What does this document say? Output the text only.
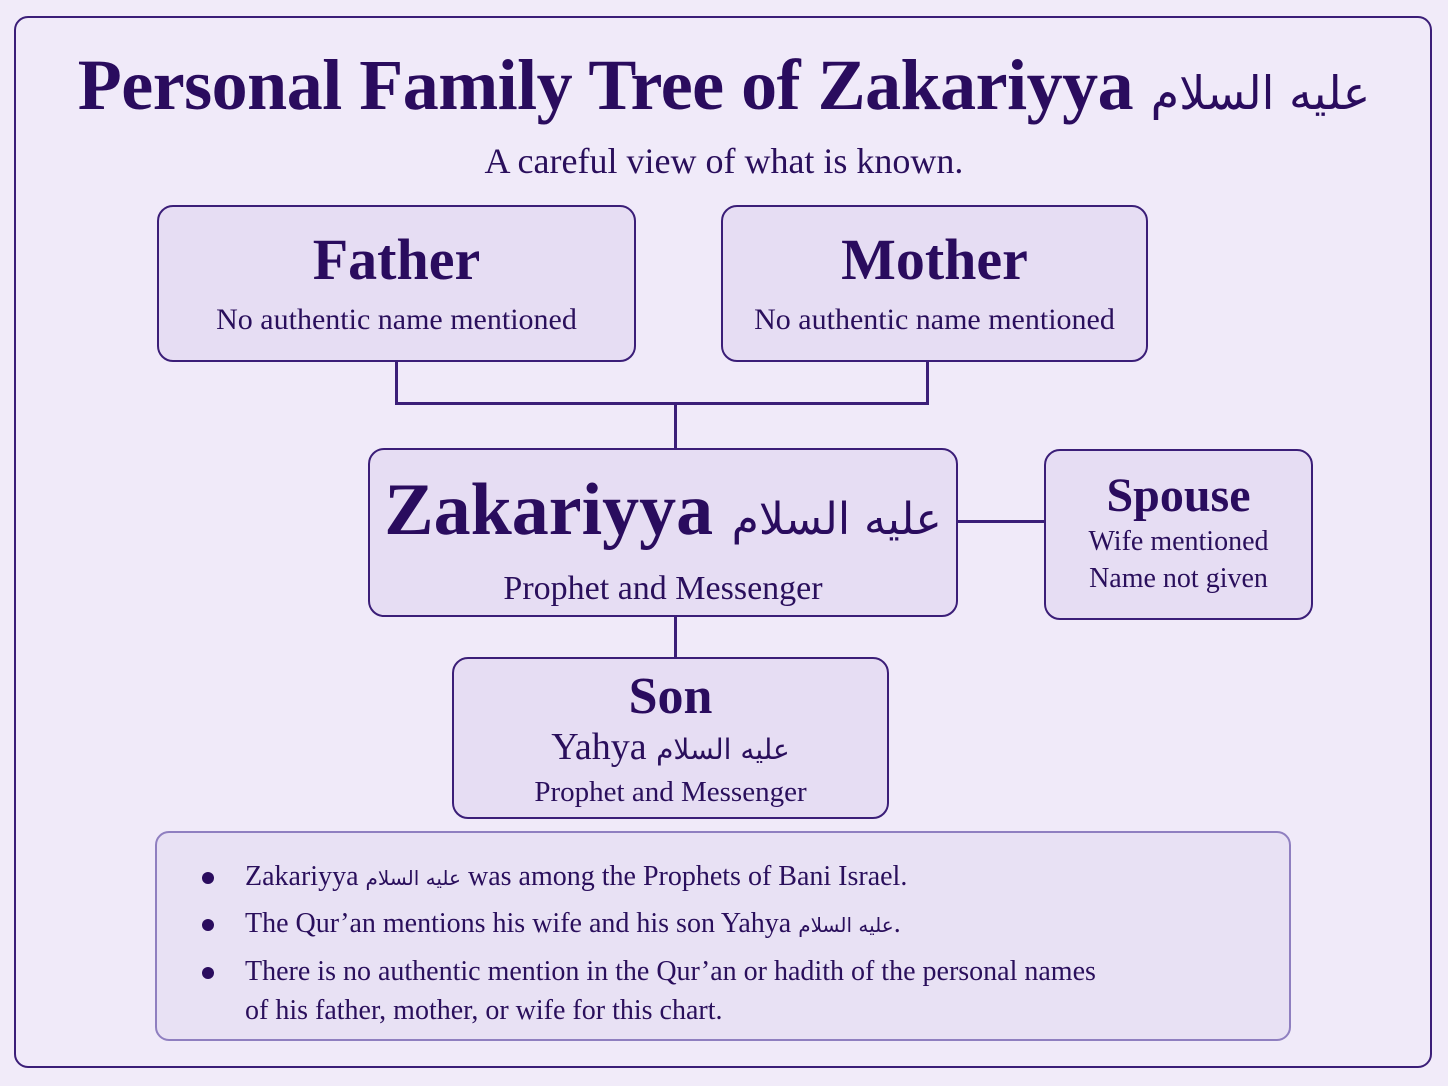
Personal Family Tree of Zakariyya عليه السلام
A careful view of what is known.
Father
No authentic name mentioned
Mother
No authentic name mentioned
Zakariyya عليه السلام
Prophet and Messenger
Spouse
Wife mentioned
Name not given
Son
Yahya عليه السلام
Prophet and Messenger
Zakariyya عليه السلام was among the Prophets of Bani Israel.
The Qur’an mentions his wife and his son Yahya عليه السلام.
There is no authentic mention in the Qur’an or hadith of the personal names
of his father, mother, or wife for this chart.
